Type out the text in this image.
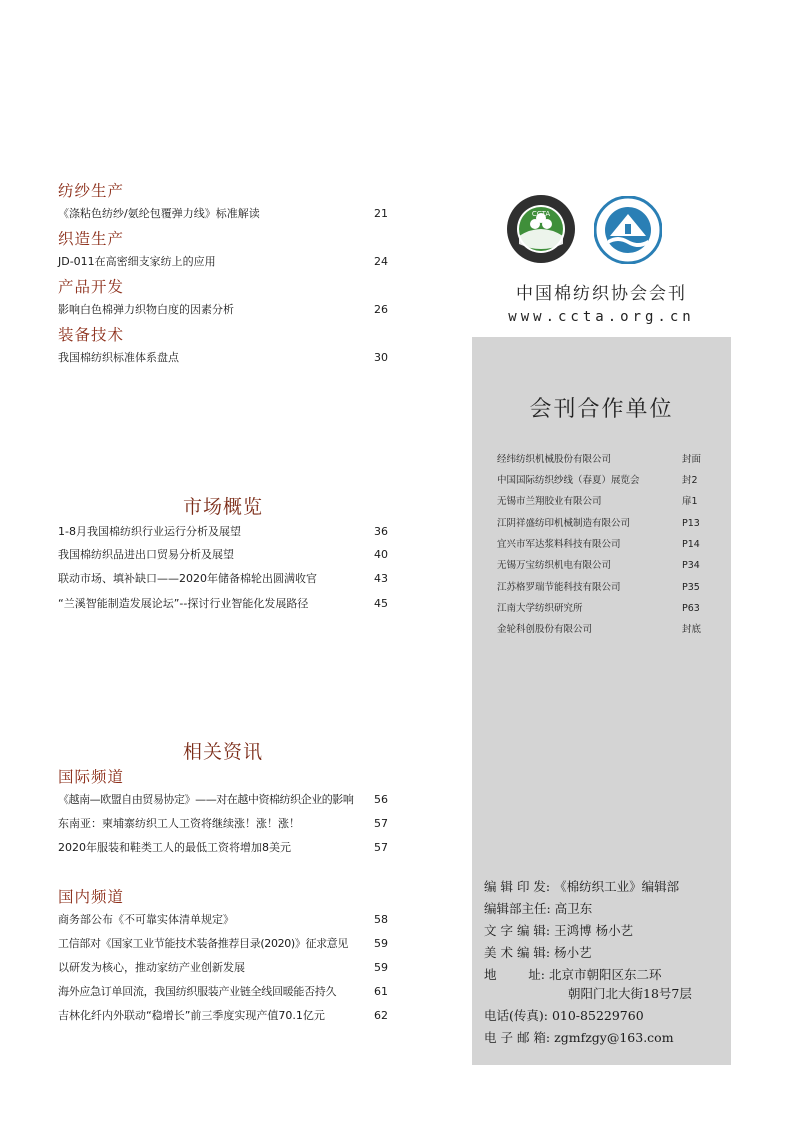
纺纱生产
《涤粘色纺纱/氨纶包覆弹力线》标准解读	21
织造生产
JD-011在高密细支家纺上的应用	24
产品开发
影响白色棉弹力织物白度的因素分析	26
装备技术
我国棉纺织标准体系盘点	30
市场概览
1-8月我国棉纺织行业运行分析及展望	36
我国棉纺织品进出口贸易分析及展望	40
联动市场、填补缺口——2020年储备棉轮出圆满收官	43
“兰溪智能制造发展论坛”--探讨行业智能化发展路径	45
相关资讯
国际频道
《越南—欧盟自由贸易协定》——对在越中资棉纺织企业的影响 56
东南亚：柬埔寨纺织工人工资将继续涨！涨！涨！	57
2020年服装和鞋类工人的最低工资将增加8美元	57
国内频道
商务部公布《不可靠实体清单规定》	58
工信部对《国家工业节能技术装备推荐目录(2020)》征求意见 59
以研发为核心，推动家纺产业创新发展	59
海外应急订单回流，我国纺织服装产业链全线回暖能否持久	61
吉林化纤内外联动“稳增长”前三季度实现产值70.1亿元	62
CCTA
中国棉纺织协会会刊
www.ccta.org.cn
会刊合作单位
经纬纺织机械股份有限公司	封面
中国国际纺织纱线（春夏）展览会	封2
无锡市兰翔胶业有限公司	扉1
江阴祥盛纺印机械制造有限公司	P13
宜兴市军达浆料科技有限公司	P14
无锡万宝纺织机电有限公司	P34
江苏格罗瑞节能科技有限公司	P35
江南大学纺织研究所	P63
金轮科创股份有限公司	封底
编 辑 印 发: 《棉纺织工业》编辑部
编辑部主任: 高卫东
文 字 编 辑: 王鸿博 杨小艺
美 术 编 辑: 杨小艺
地        址: 北京市朝阳区东二环
朝阳门北大街18号7层
电话(传真): 010-85229760
电 子 邮 箱: zgmfzgy@163.com
